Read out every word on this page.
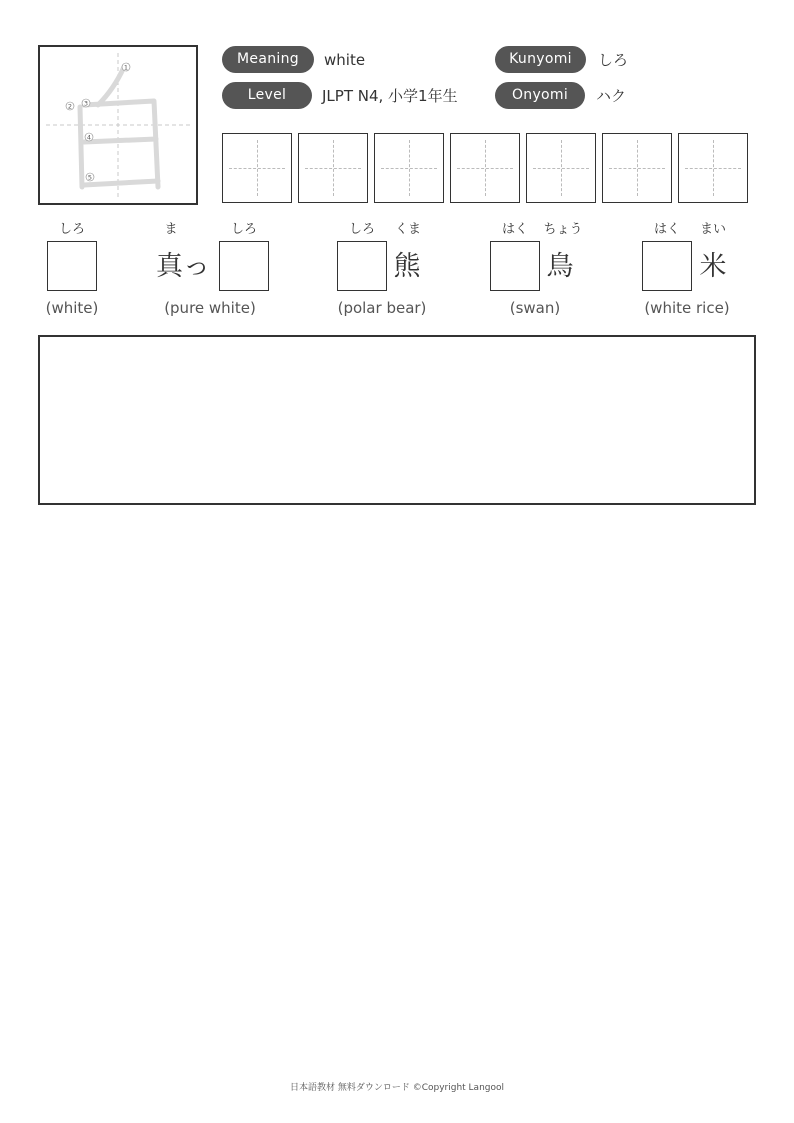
1
2 3
4
5
Meaning	white
Level	JLPT N4, 小学1年生
Kunyomi	しろ
Onyomi	ハク
しろ
(white)
ま	しろ
真っ
(pure white)
しろ	くま
熊
(polar bear)
はく	ちょう
鳥
(swan)
はく	まい
米
(white rice)
日本語教材 無料ダウンロード ©Copyright Langool
